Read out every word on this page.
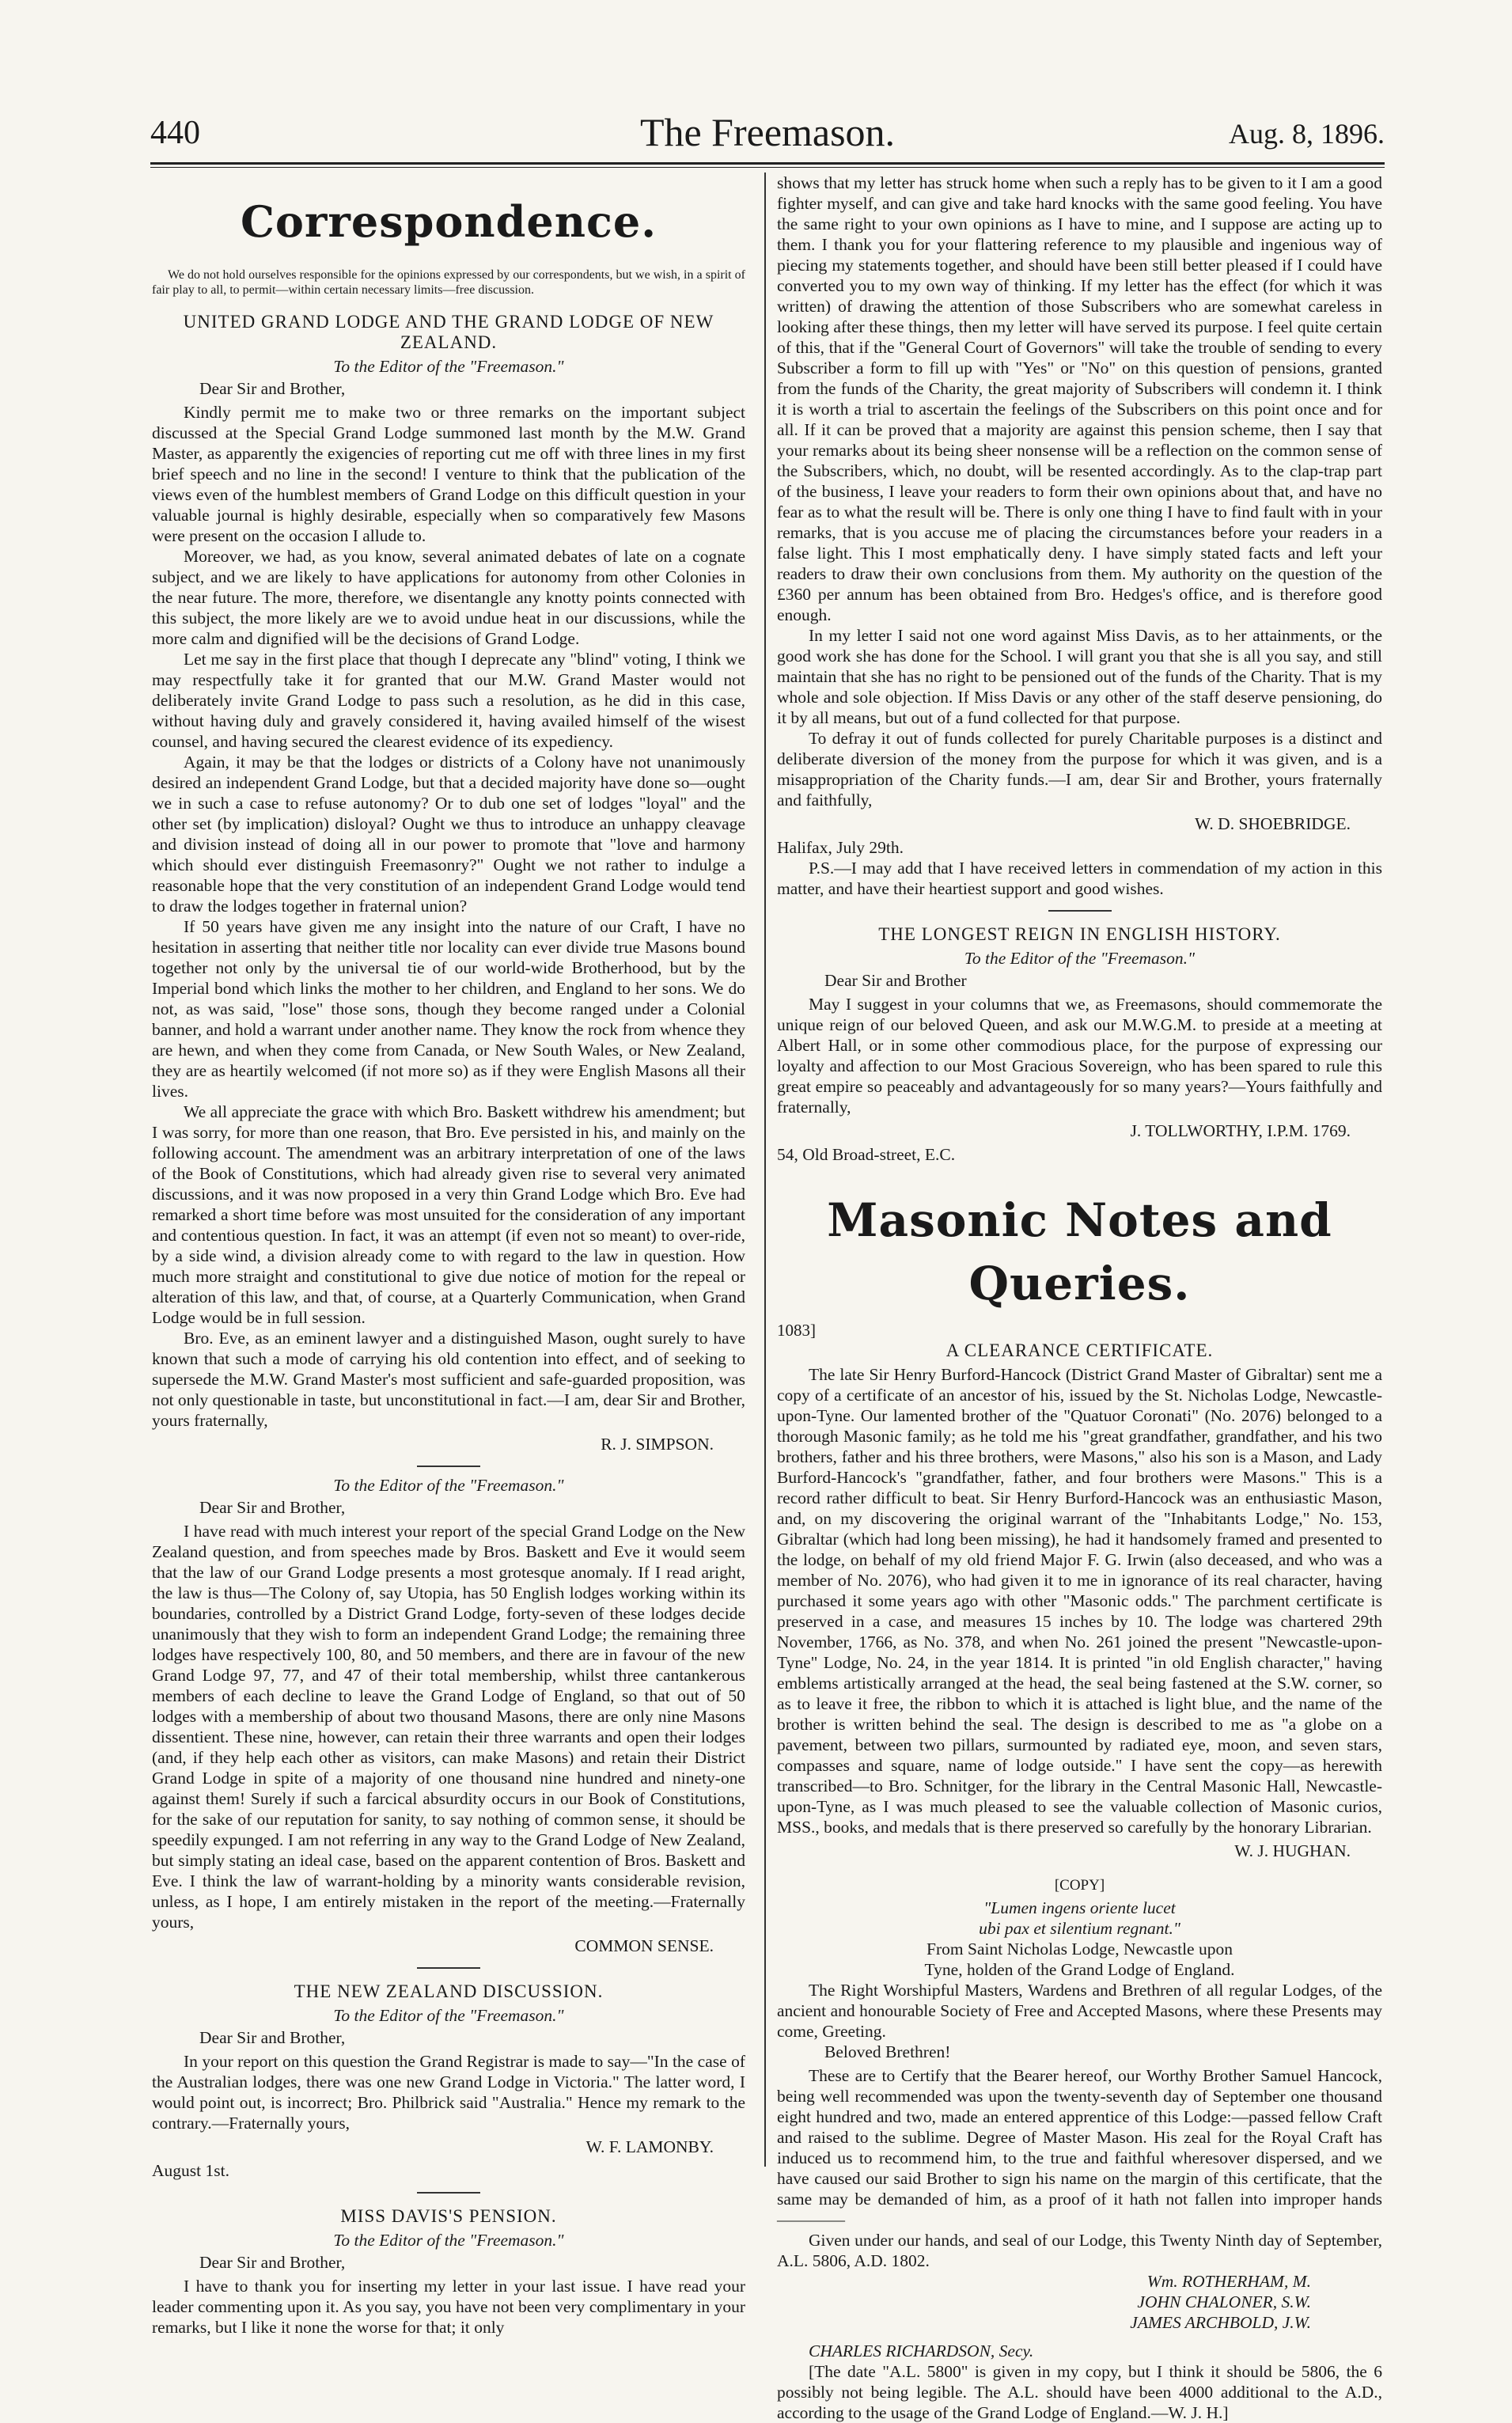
440	The Freemason.	Aug. 8, 1896.
Correspondence.

We do not hold ourselves responsible for the opinions expressed by our correspondents, but we wish, in a spirit of fair play to all, to permit—within certain necessary limits—free discussion.

UNITED GRAND LODGE AND THE GRAND LODGE OF NEW ZEALAND.

To the Editor of the "Freemason."

Dear Sir and Brother,

Kindly permit me to make two or three remarks on the important subject discussed at the Special Grand Lodge summoned last month by the M.W. Grand Master, as apparently the exigencies of reporting cut me off with three lines in my first brief speech and no line in the second! I venture to think that the publication of the views even of the humblest members of Grand Lodge on this difficult question in your valuable journal is highly desirable, especially when so comparatively few Masons were present on the occasion I allude to.

Moreover, we had, as you know, several animated debates of late on a cognate subject, and we are likely to have applications for autonomy from other Colonies in the near future. The more, therefore, we disentangle any knotty points connected with this subject, the more likely are we to avoid undue heat in our discussions, while the more calm and dignified will be the decisions of Grand Lodge.

Let me say in the first place that though I deprecate any "blind" voting, I think we may respectfully take it for granted that our M.W. Grand Master would not deliberately invite Grand Lodge to pass such a resolution, as he did in this case, without having duly and gravely considered it, having availed himself of the wisest counsel, and having secured the clearest evidence of its expediency.

Again, it may be that the lodges or districts of a Colony have not unanimously desired an independent Grand Lodge, but that a decided majority have done so—ought we in such a case to refuse autonomy? Or to dub one set of lodges "loyal" and the other set (by implication) disloyal? Ought we thus to introduce an unhappy cleavage and division instead of doing all in our power to promote that "love and harmony which should ever distinguish Freemasonry?" Ought we not rather to indulge a reasonable hope that the very constitution of an independent Grand Lodge would tend to draw the lodges together in fraternal union?

If 50 years have given me any insight into the nature of our Craft, I have no hesitation in asserting that neither title nor locality can ever divide true Masons bound together not only by the universal tie of our world-wide Brotherhood, but by the Imperial bond which links the mother to her children, and England to her sons. We do not, as was said, "lose" those sons, though they become ranged under a Colonial banner, and hold a warrant under another name. They know the rock from whence they are hewn, and when they come from Canada, or New South Wales, or New Zealand, they are as heartily welcomed (if not more so) as if they were English Masons all their lives.

We all appreciate the grace with which Bro. Baskett withdrew his amendment; but I was sorry, for more than one reason, that Bro. Eve persisted in his, and mainly on the following account. The amendment was an arbitrary interpretation of one of the laws of the Book of Constitutions, which had already given rise to several very animated discussions, and it was now proposed in a very thin Grand Lodge which Bro. Eve had remarked a short time before was most unsuited for the consideration of any important and contentious question. In fact, it was an attempt (if even not so meant) to over-ride, by a side wind, a division already come to with regard to the law in question. How much more straight and constitutional to give due notice of motion for the repeal or alteration of this law, and that, of course, at a Quarterly Communication, when Grand Lodge would be in full session.

Bro. Eve, as an eminent lawyer and a distinguished Mason, ought surely to have known that such a mode of carrying his old contention into effect, and of seeking to supersede the M.W. Grand Master's most sufficient and safe-guarded proposition, was not only questionable in taste, but unconstitutional in fact.—I am, dear Sir and Brother, yours fraternally,

R. J. SIMPSON.

To the Editor of the "Freemason."

Dear Sir and Brother,

I have read with much interest your report of the special Grand Lodge on the New Zealand question, and from speeches made by Bros. Baskett and Eve it would seem that the law of our Grand Lodge presents a most grotesque anomaly. If I read aright, the law is thus—The Colony of, say Utopia, has 50 English lodges working within its boundaries, controlled by a District Grand Lodge, forty-seven of these lodges decide unanimously that they wish to form an independent Grand Lodge; the remaining three lodges have respectively 100, 80, and 50 members, and there are in favour of the new Grand Lodge 97, 77, and 47 of their total membership, whilst three cantankerous members of each decline to leave the Grand Lodge of England, so that out of 50 lodges with a membership of about two thousand Masons, there are only nine Masons dissentient. These nine, however, can retain their three warrants and open their lodges (and, if they help each other as visitors, can make Masons) and retain their District Grand Lodge in spite of a majority of one thousand nine hundred and ninety-one against them! Surely if such a farcical absurdity occurs in our Book of Constitutions, for the sake of our reputation for sanity, to say nothing of common sense, it should be speedily expunged. I am not referring in any way to the Grand Lodge of New Zealand, but simply stating an ideal case, based on the apparent contention of Bros. Baskett and Eve. I think the law of warrant-holding by a minority wants considerable revision, unless, as I hope, I am entirely mistaken in the report of the meeting.—Fraternally yours,

COMMON SENSE.

THE NEW ZEALAND DISCUSSION.

To the Editor of the "Freemason."

Dear Sir and Brother,

In your report on this question the Grand Registrar is made to say—"In the case of the Australian lodges, there was one new Grand Lodge in Victoria." The latter word, I would point out, is incorrect; Bro. Philbrick said "Australia." Hence my remark to the contrary.—Fraternally yours,

W. F. LAMONBY.

August 1st.

MISS DAVIS'S PENSION.

To the Editor of the "Freemason."

Dear Sir and Brother,

I have to thank you for inserting my letter in your last issue. I have read your leader commenting upon it. As you say, you have not been very complimentary in your remarks, but I like it none the worse for that; it only

shows that my letter has struck home when such a reply has to be given to it I am a good fighter myself, and can give and take hard knocks with the same good feeling. You have the same right to your own opinions as I have to mine, and I suppose are acting up to them. I thank you for your flattering reference to my plausible and ingenious way of piecing my statements together, and should have been still better pleased if I could have converted you to my own way of thinking. If my letter has the effect (for which it was written) of drawing the attention of those Subscribers who are somewhat careless in looking after these things, then my letter will have served its purpose. I feel quite certain of this, that if the "General Court of Governors" will take the trouble of sending to every Subscriber a form to fill up with "Yes" or "No" on this question of pensions, granted from the funds of the Charity, the great majority of Subscribers will condemn it. I think it is worth a trial to ascertain the feelings of the Subscribers on this point once and for all. If it can be proved that a majority are against this pension scheme, then I say that your remarks about its being sheer nonsense will be a reflection on the common sense of the Subscribers, which, no doubt, will be resented accordingly. As to the clap-trap part of the business, I leave your readers to form their own opinions about that, and have no fear as to what the result will be. There is only one thing I have to find fault with in your remarks, that is you accuse me of placing the circumstances before your readers in a false light. This I most emphatically deny. I have simply stated facts and left your readers to draw their own conclusions from them. My authority on the question of the £360 per annum has been obtained from Bro. Hedges's office, and is therefore good enough.

In my letter I said not one word against Miss Davis, as to her attainments, or the good work she has done for the School. I will grant you that she is all you say, and still maintain that she has no right to be pensioned out of the funds of the Charity. That is my whole and sole objection. If Miss Davis or any other of the staff deserve pensioning, do it by all means, but out of a fund collected for that purpose.

To defray it out of funds collected for purely Charitable purposes is a distinct and deliberate diversion of the money from the purpose for which it was given, and is a misappropriation of the Charity funds.—I am, dear Sir and Brother, yours fraternally and faithfully,

W. D. SHOEBRIDGE.

Halifax, July 29th.

P.S.—I may add that I have received letters in commendation of my action in this matter, and have their heartiest support and good wishes.

THE LONGEST REIGN IN ENGLISH HISTORY.

To the Editor of the "Freemason."

Dear Sir and Brother

May I suggest in your columns that we, as Freemasons, should commemorate the unique reign of our beloved Queen, and ask our M.W.G.M. to preside at a meeting at Albert Hall, or in some other commodious place, for the purpose of expressing our loyalty and affection to our Most Gracious Sovereign, who has been spared to rule this great empire so peaceably and advantageously for so many years?—Yours faithfully and fraternally,

J. TOLLWORTHY, I.P.M. 1769.

54, Old Broad-street, E.C.

Masonic Notes and Queries.

1083]

A CLEARANCE CERTIFICATE.

The late Sir Henry Burford-Hancock (District Grand Master of Gibraltar) sent me a copy of a certificate of an ancestor of his, issued by the St. Nicholas Lodge, Newcastle-upon-Tyne. Our lamented brother of the "Quatuor Coronati" (No. 2076) belonged to a thorough Masonic family; as he told me his "great grandfather, grandfather, and his two brothers, father and his three brothers, were Masons," also his son is a Mason, and Lady Burford-Hancock's "grandfather, father, and four brothers were Masons." This is a record rather difficult to beat. Sir Henry Burford-Hancock was an enthusiastic Mason, and, on my discovering the original warrant of the "Inhabitants Lodge," No. 153, Gibraltar (which had long been missing), he had it handsomely framed and presented to the lodge, on behalf of my old friend Major F. G. Irwin (also deceased, and who was a member of No. 2076), who had given it to me in ignorance of its real character, having purchased it some years ago with other "Masonic odds." The parchment certificate is preserved in a case, and measures 15 inches by 10. The lodge was chartered 29th November, 1766, as No. 378, and when No. 261 joined the present "Newcastle-upon-Tyne" Lodge, No. 24, in the year 1814. It is printed "in old English character," having emblems artistically arranged at the head, the seal being fastened at the S.W. corner, so as to leave it free, the ribbon to which it is attached is light blue, and the name of the brother is written behind the seal. The design is described to me as "a globe on a pavement, between two pillars, surmounted by radiated eye, moon, and seven stars, compasses and square, name of lodge outside." I have sent the copy—as herewith transcribed—to Bro. Schnitger, for the library in the Central Masonic Hall, Newcastle-upon-Tyne, as I was much pleased to see the valuable collection of Masonic curios, MSS., books, and medals that is there preserved so carefully by the honorary Librarian.

W. J. HUGHAN.

[COPY]

"Lumen ingens oriente lucet

ubi pax et silentium regnant."

From Saint Nicholas Lodge, Newcastle upon

Tyne, holden of the Grand Lodge of England.

The Right Worshipful Masters, Wardens and Brethren of all regular Lodges, of the ancient and honourable Society of Free and Accepted Masons, where these Presents may come, Greeting.

Beloved Brethren!

These are to Certify that the Bearer hereof, our Worthy Brother Samuel Hancock, being well recommended was upon the twenty-seventh day of September one thousand eight hundred and two, made an entered apprentice of this Lodge:—passed fellow Craft and raised to the sublime. Degree of Master Mason. His zeal for the Royal Craft has induced us to recommend him, to the true and faithful wheresover dispersed, and we have caused our said Brother to sign his name on the margin of this certificate, that the same may be demanded of him, as a proof of it hath not fallen into improper hands————

Given under our hands, and seal of our Lodge, this Twenty Ninth day of September, A.L. 5806, A.D. 1802.

Wm. ROTHERHAM, M.

JOHN CHALONER, S.W.

JAMES ARCHBOLD, J.W.

CHARLES RICHARDSON, Secy.

[The date "A.L. 5800" is given in my copy, but I think it should be 5806, the 6 possibly not being legible. The A.L. should have been 4000 additional to the A.D., according to the usage of the Grand Lodge of England.—W. J. H.]
